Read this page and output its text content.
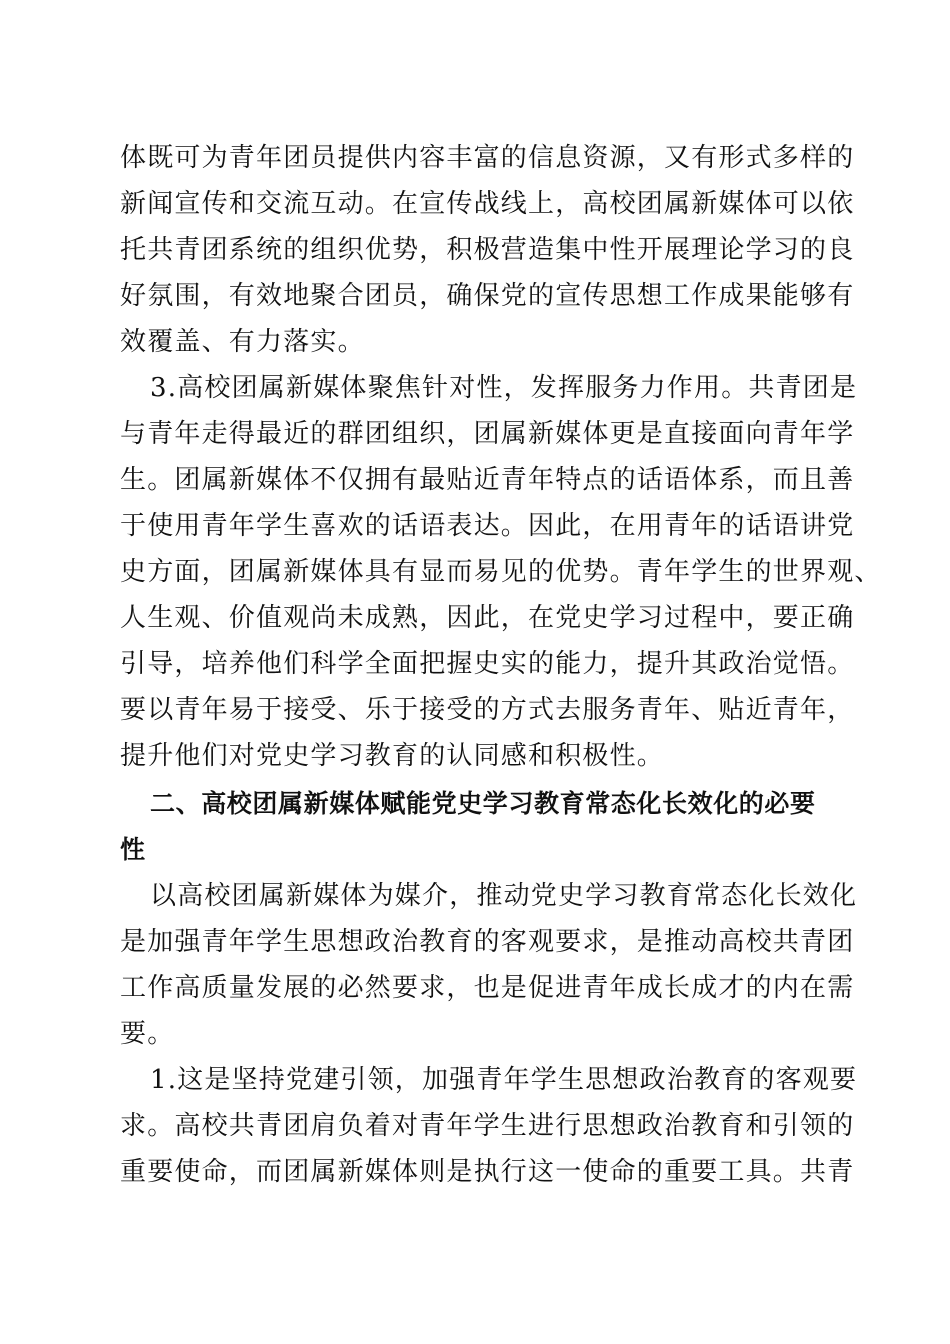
体既可为青年团员提供内容丰富的信息资源，又有形式多样的
新闻宣传和交流互动。在宣传战线上，高校团属新媒体可以依
托共青团系统的组织优势，积极营造集中性开展理论学习的良
好氛围，有效地聚合团员，确保党的宣传思想工作成果能够有
效覆盖、有力落实。
3.高校团属新媒体聚焦针对性，发挥服务力作用。共青团是
与青年走得最近的群团组织，团属新媒体更是直接面向青年学
生。团属新媒体不仅拥有最贴近青年特点的话语体系，而且善
于使用青年学生喜欢的话语表达。因此，在用青年的话语讲党
史方面，团属新媒体具有显而易见的优势。青年学生的世界观、
人生观、价值观尚未成熟，因此，在党史学习过程中，要正确
引导，培养他们科学全面把握史实的能力，提升其政治觉悟。
要以青年易于接受、乐于接受的方式去服务青年、贴近青年，
提升他们对党史学习教育的认同感和积极性。
二、高校团属新媒体赋能党史学习教育常态化长效化的必要
性
以高校团属新媒体为媒介，推动党史学习教育常态化长效化
是加强青年学生思想政治教育的客观要求，是推动高校共青团
工作高质量发展的必然要求，也是促进青年成长成才的内在需
要。
1.这是坚持党建引领，加强青年学生思想政治教育的客观要
求。高校共青团肩负着对青年学生进行思想政治教育和引领的
重要使命，而团属新媒体则是执行这一使命的重要工具。共青
